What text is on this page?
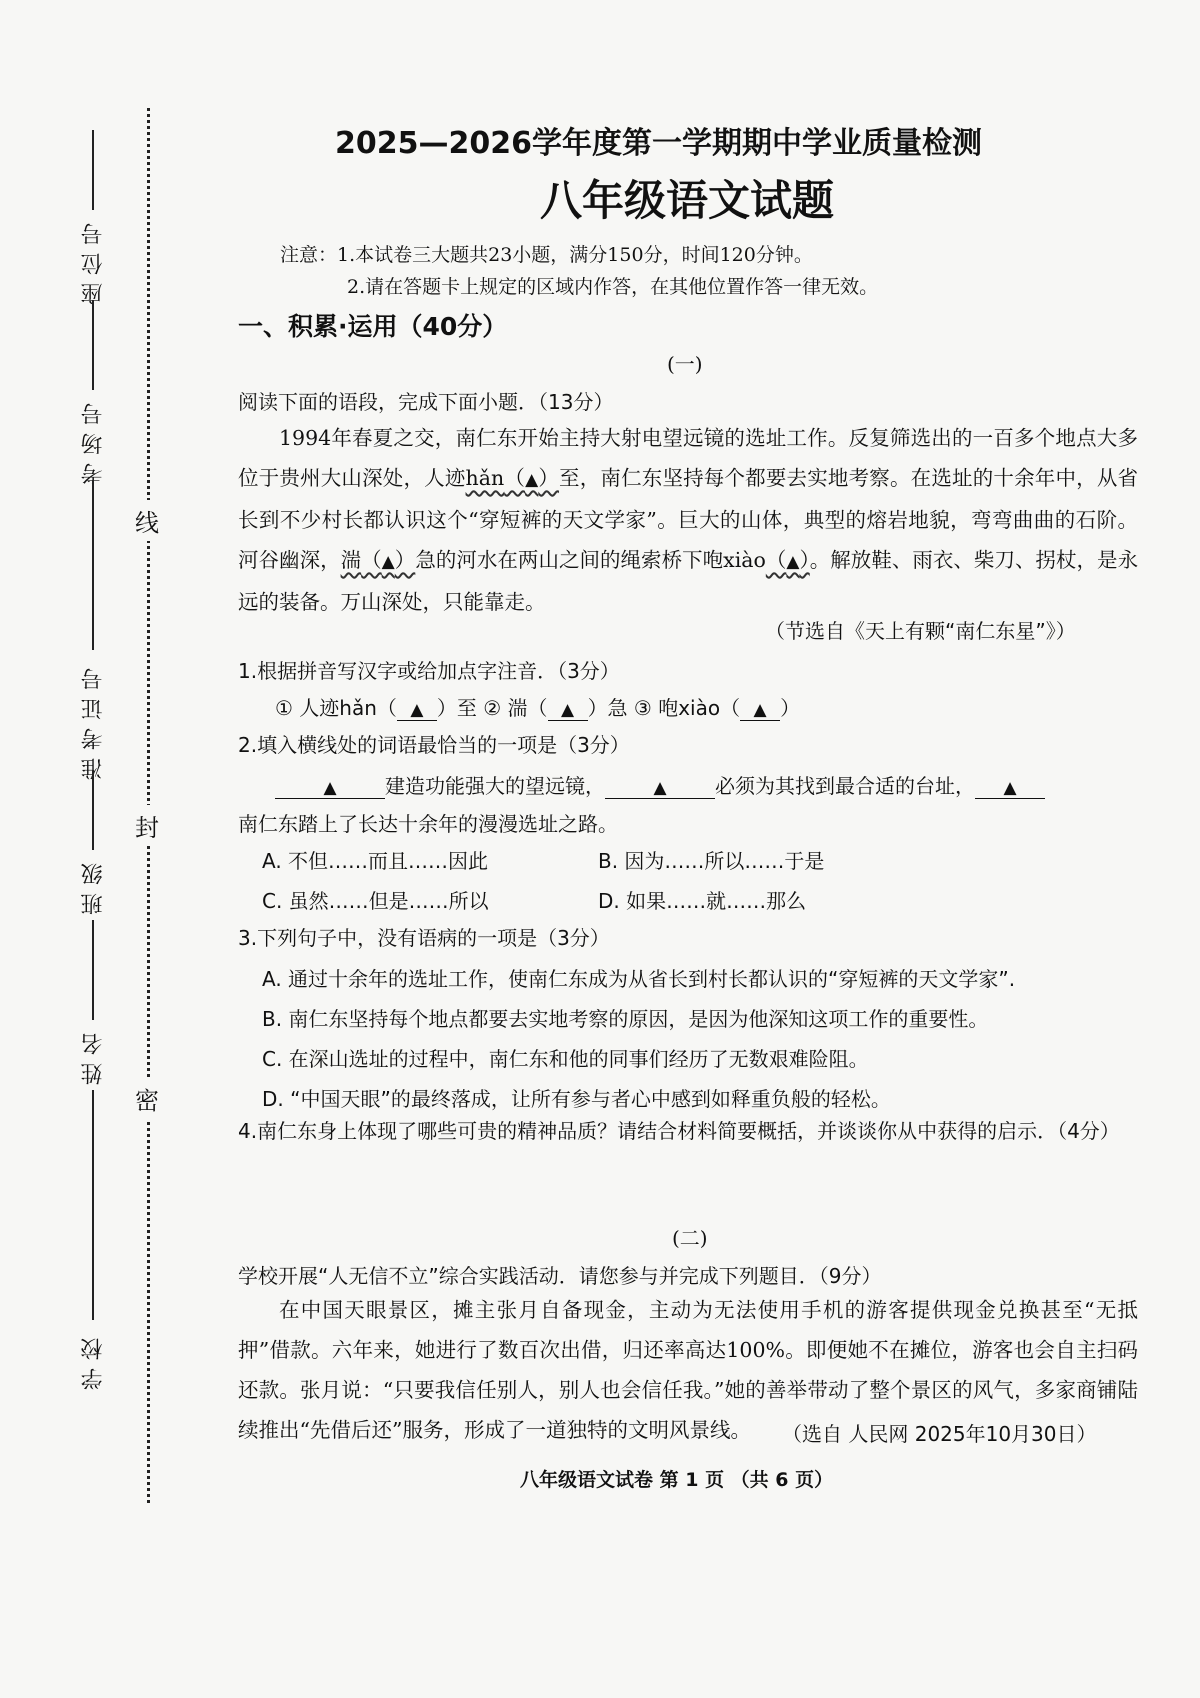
座位号
考场号
准考证号
班级
姓名
学校
线
封
密
2025—2026学年度第一学期期中学业质量检测
八年级语文试题
注意：1.本试卷三大题共23小题，满分150分，时间120分钟。
2.请在答题卡上规定的区域内作答，在其他位置作答一律无效。
一、积累·运用（40分）
(一)
阅读下面的语段，完成下面小题．（13分）
1994年春夏之交，南仁东开始主持大射电望远镜的选址工作。反复筛选出的一百多个地点大多位于贵州大山深处，人迹hǎn（▲）至，南仁东坚持每个都要去实地考察。在选址的十余年中，从省长到不少村长都认识这个“穿短裤的天文学家”。巨大的山体，典型的熔岩地貌，弯弯曲曲的石阶。河谷幽深，湍（▲）急的河水在两山之间的绳索桥下咆xiào（▲）。解放鞋、雨衣、柴刀、拐杖，是永远的装备。万山深处，只能靠走。
（节选自《天上有颗“南仁东星”》）
1.根据拼音写汉字或给加点字注音．（3分）
① 人迹hǎn（ ▲ ）至 ② 湍（ ▲ ）急 ③ 咆xiào（ ▲ ）
2.填入横线处的词语最恰当的一项是（3分）
▲ 建造功能强大的望远镜，	▲ 必须为其找到最合适的台址， ▲
南仁东踏上了长达十余年的漫漫选址之路。
A. 不但……而且……因此	B. 因为……所以……于是
C. 虽然……但是……所以	D. 如果……就……那么
3.下列句子中，没有语病的一项是（3分）
A. 通过十余年的选址工作，使南仁东成为从省长到村长都认识的“穿短裤的天文学家”.
B. 南仁东坚持每个地点都要去实地考察的原因，是因为他深知这项工作的重要性。
C. 在深山选址的过程中，南仁东和他的同事们经历了无数艰难险阻。
D. “中国天眼”的最终落成，让所有参与者心中感到如释重负般的轻松。
4.南仁东身上体现了哪些可贵的精神品质？请结合材料简要概括，并谈谈你从中获得的启示．（4分）
(二)
学校开展“人无信不立”综合实践活动．请您参与并完成下列题目．（9分）
在中国天眼景区，摊主张月自备现金，主动为无法使用手机的游客提供现金兑换甚至“无抵押”借款。六年来，她进行了数百次出借，归还率高达100%。即便她不在摊位，游客也会自主扫码还款。张月说：“只要我信任别人，别人也会信任我。”她的善举带动了整个景区的风气，多家商铺陆续推出“先借后还”服务，形成了一道独特的文明风景线。	（选自 人民网 2025年10月30日）
八年级语文试卷 第 1 页 （共 6 页）
